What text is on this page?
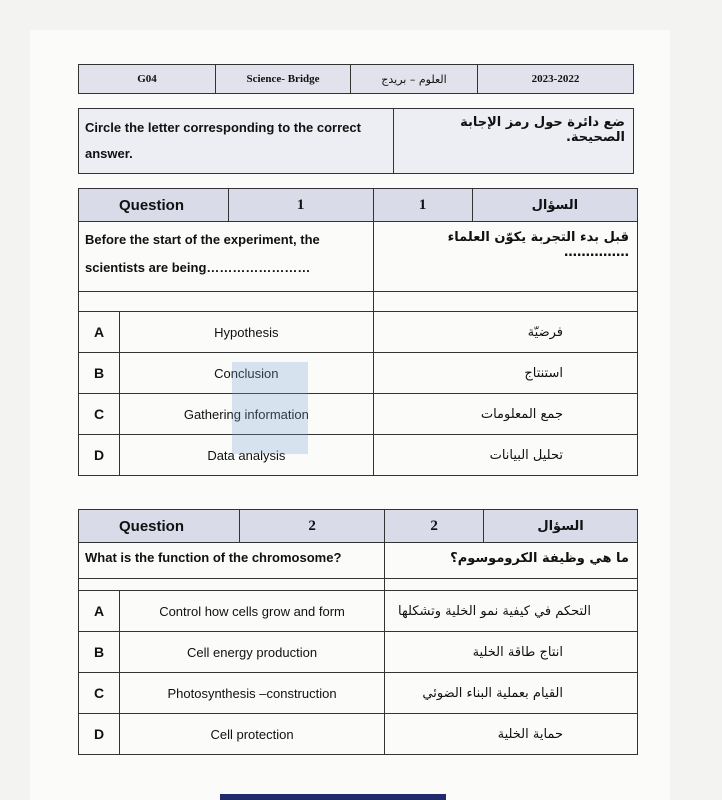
G04	Science- Bridge	العلوم – بريدج	2023-2022
Circle the letter corresponding to the correct answer.	ضع دائرة حول رمز الإجابة الصحيحة.
Question		1	1	السؤال

Before the start of the experiment, the
scientists are being……………………			قبل بدء التجربة يكوّن العلماء ……………	

A	Hypothesis		فرضيّة	
B	Conclusion		استنتاج	
C	Gathering information		جمع المعلومات	
D	Data analysis		تحليل البيانات	
Question		2	2	السؤال
What is the function of the chromosome?			ما هي وظيفة الكروموسوم؟	

A	Control how cells grow and form		التحكم في كيفية نمو الخلية وتشكلها	
B	Cell energy production		انتاج طاقة الخلية	
C	Photosynthesis –construction		القيام بعملية البناء الضوئي	
D	Cell protection		حماية الخلية	
